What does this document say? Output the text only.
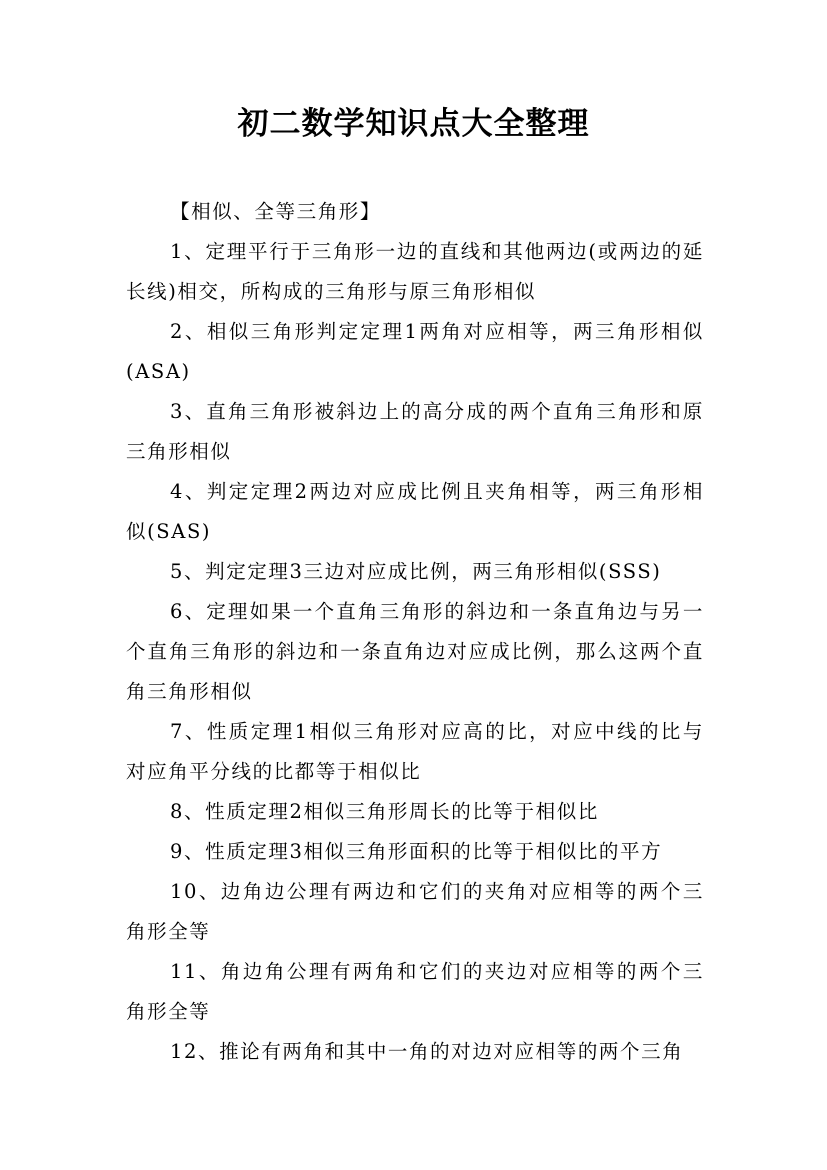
初二数学知识点大全整理

【相似、全等三角形】

1、定理平行于三角形一边的直线和其他两边(或两边的延长线)相交，所构成的三角形与原三角形相似

2、相似三角形判定定理1两角对应相等，两三角形相似(ASA)

3、直角三角形被斜边上的高分成的两个直角三角形和原三角形相似

4、判定定理2两边对应成比例且夹角相等，两三角形相似(SAS)

5、判定定理3三边对应成比例，两三角形相似(SSS)

6、定理如果一个直角三角形的斜边和一条直角边与另一个直角三角形的斜边和一条直角边对应成比例，那么这两个直角三角形相似

7、性质定理1相似三角形对应高的比，对应中线的比与对应角平分线的比都等于相似比

8、性质定理2相似三角形周长的比等于相似比

9、性质定理3相似三角形面积的比等于相似比的平方

10、边角边公理有两边和它们的夹角对应相等的两个三角形全等

11、角边角公理有两角和它们的夹边对应相等的两个三角形全等

12、推论有两角和其中一角的对边对应相等的两个三角
